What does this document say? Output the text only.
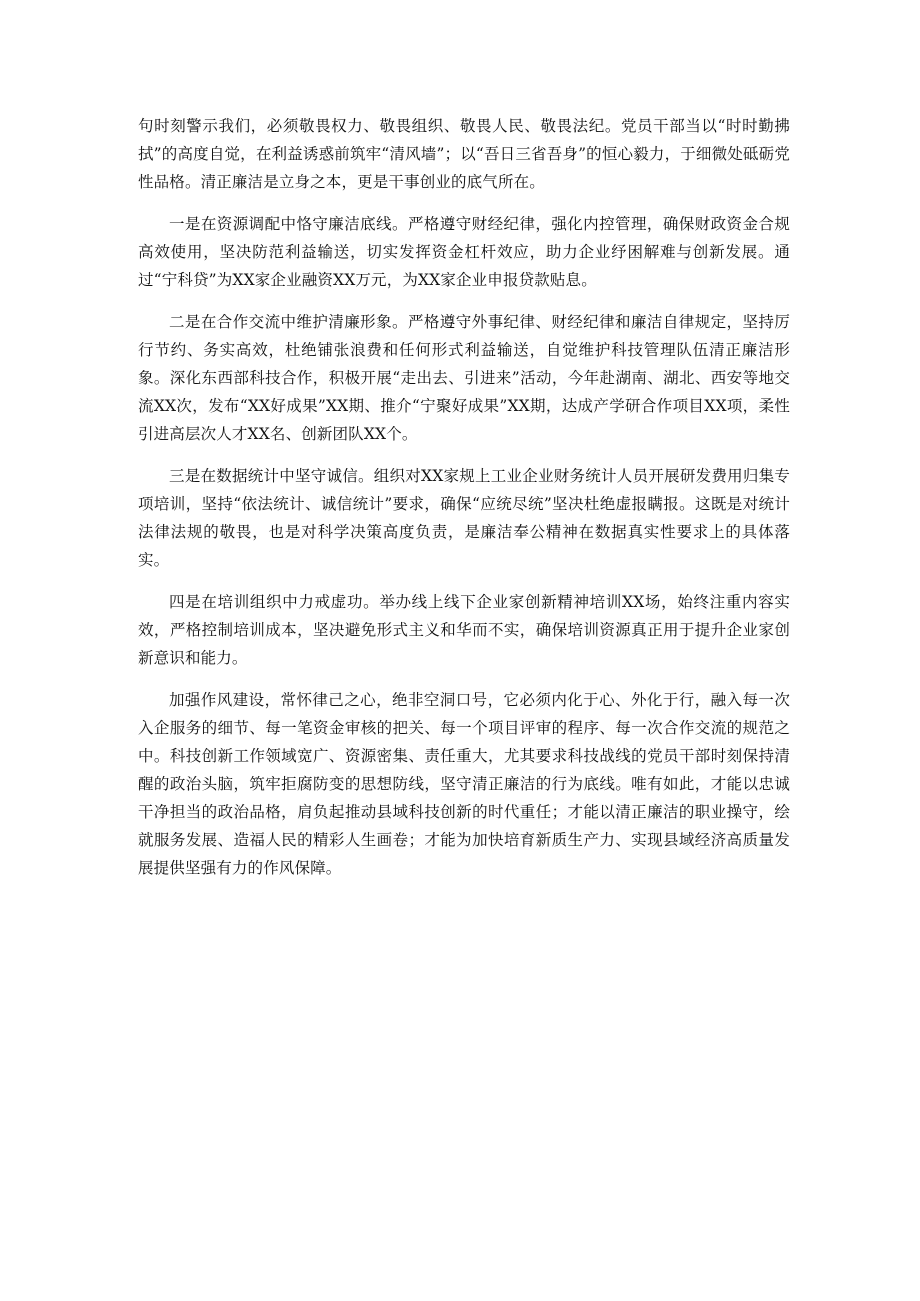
句时刻警示我们，必须敬畏权力、敬畏组织、敬畏人民、敬畏法纪。党员干部当以“时时勤拂拭”的高度自觉，在利益诱惑前筑牢“清风墙”；以“吾日三省吾身”的恒心毅力，于细微处砥砺党性品格。清正廉洁是立身之本，更是干事创业的底气所在。

一是在资源调配中恪守廉洁底线。严格遵守财经纪律，强化内控管理，确保财政资金合规高效使用，坚决防范利益输送，切实发挥资金杠杆效应，助力企业纾困解难与创新发展。通过“宁科贷”为XX家企业融资XX万元，为XX家企业申报贷款贴息。

二是在合作交流中维护清廉形象。严格遵守外事纪律、财经纪律和廉洁自律规定，坚持厉行节约、务实高效，杜绝铺张浪费和任何形式利益输送，自觉维护科技管理队伍清正廉洁形象。深化东西部科技合作，积极开展“走出去、引进来”活动，今年赴湖南、湖北、西安等地交流XX次，发布“XX好成果”XX期、推介“宁聚好成果”XX期，达成产学研合作项目XX项，柔性引进高层次人才XX名、创新团队XX个。

三是在数据统计中坚守诚信。组织对XX家规上工业企业财务统计人员开展研发费用归集专项培训，坚持“依法统计、诚信统计”要求，确保“应统尽统”坚决杜绝虚报瞒报。这既是对统计法律法规的敬畏，也是对科学决策高度负责，是廉洁奉公精神在数据真实性要求上的具体落实。

四是在培训组织中力戒虚功。举办线上线下企业家创新精神培训XX场，始终注重内容实效，严格控制培训成本，坚决避免形式主义和华而不实，确保培训资源真正用于提升企业家创新意识和能力。

加强作风建设，常怀律己之心，绝非空洞口号，它必须内化于心、外化于行，融入每一次入企服务的细节、每一笔资金审核的把关、每一个项目评审的程序、每一次合作交流的规范之中。科技创新工作领域宽广、资源密集、责任重大，尤其要求科技战线的党员干部时刻保持清醒的政治头脑，筑牢拒腐防变的思想防线，坚守清正廉洁的行为底线。唯有如此，才能以忠诚干净担当的政治品格，肩负起推动县域科技创新的时代重任；才能以清正廉洁的职业操守，绘就服务发展、造福人民的精彩人生画卷；才能为加快培育新质生产力、实现县域经济高质量发展提供坚强有力的作风保障。
